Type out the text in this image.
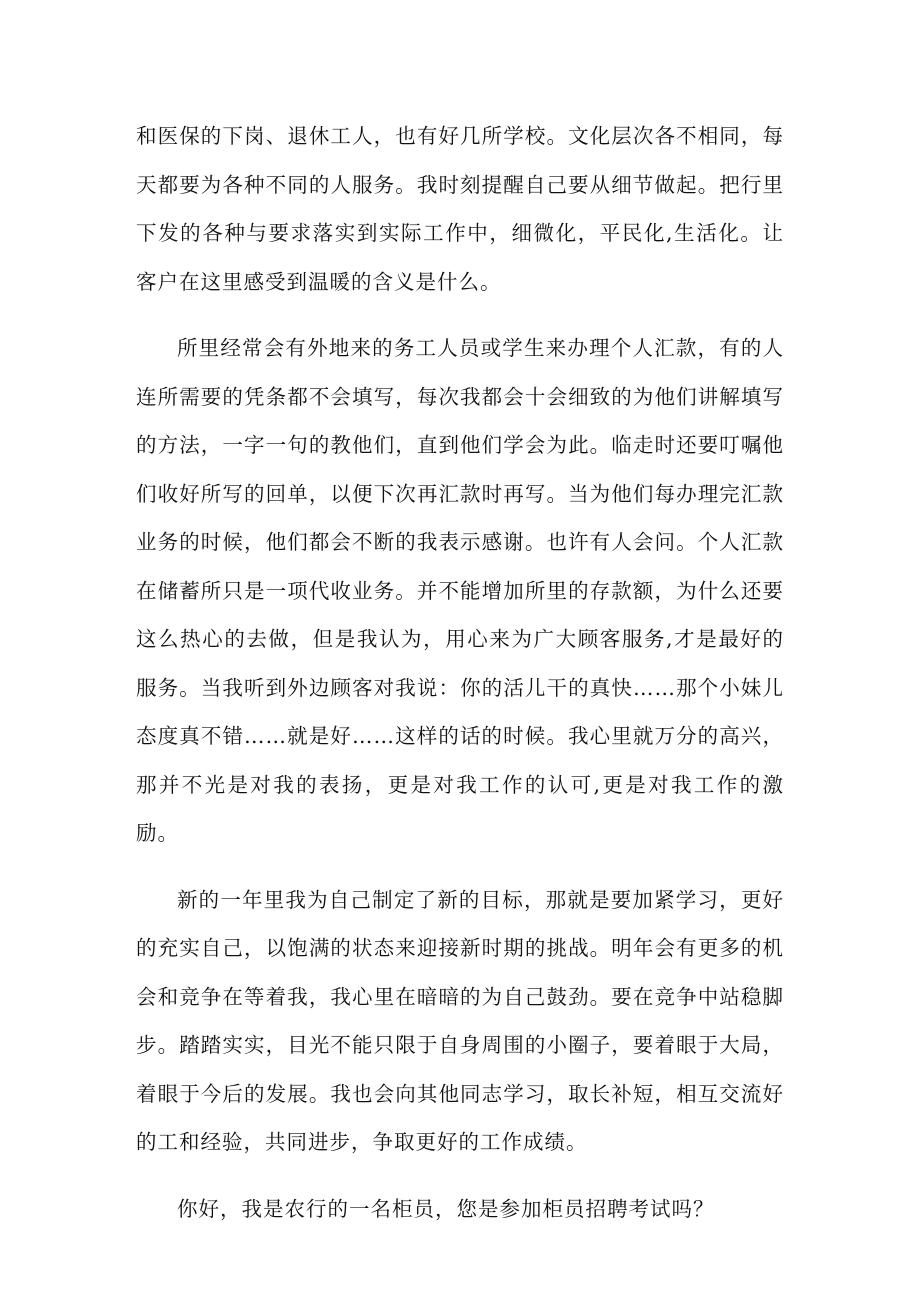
和医保的下岗、退休工人，也有好几所学校。文化层次各不相同，每天都要为各种不同的人服务。我时刻提醒自己要从细节做起。把行里下发的各种与要求落实到实际工作中，细微化，平民化,生活化。让客户在这里感受到温暖的含义是什么。

所里经常会有外地来的务工人员或学生来办理个人汇款，有的人连所需要的凭条都不会填写，每次我都会十会细致的为他们讲解填写的方法，一字一句的教他们，直到他们学会为此。临走时还要叮嘱他们收好所写的回单，以便下次再汇款时再写。当为他们每办理完汇款业务的时候，他们都会不断的我表示感谢。也许有人会问。个人汇款在储蓄所只是一项代收业务。并不能增加所里的存款额，为什么还要这么热心的去做，但是我认为，用心来为广大顾客服务,才是最好的服务。当我听到外边顾客对我说：你的活儿干的真快……那个小妹儿态度真不错……就是好……这样的话的时候。我心里就万分的高兴，那并不光是对我的表扬，更是对我工作的认可,更是对我工作的激励。

新的一年里我为自己制定了新的目标，那就是要加紧学习，更好的充实自己，以饱满的状态来迎接新时期的挑战。明年会有更多的机会和竞争在等着我，我心里在暗暗的为自己鼓劲。要在竞争中站稳脚步。踏踏实实，目光不能只限于自身周围的小圈子，要着眼于大局，着眼于今后的发展。我也会向其他同志学习，取长补短，相互交流好的工和经验，共同进步，争取更好的工作成绩。

你好，我是农行的一名柜员，您是参加柜员招聘考试吗？
